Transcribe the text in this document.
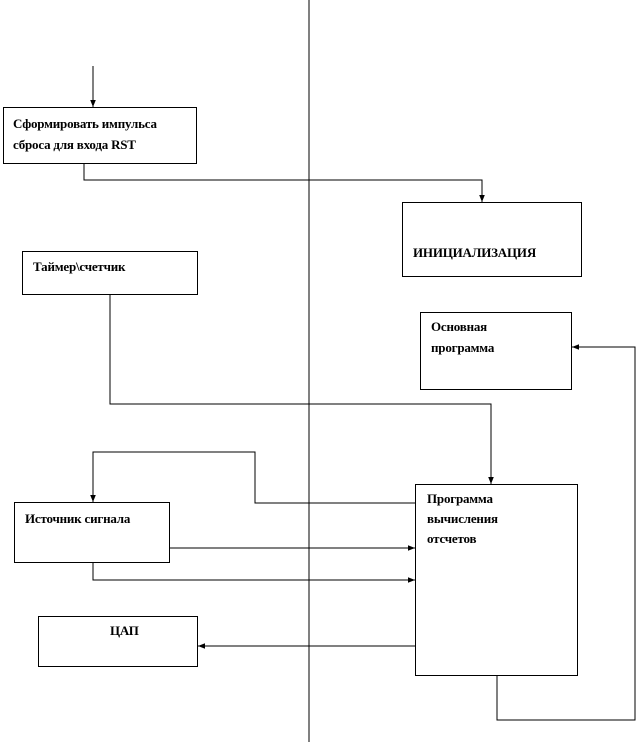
Сформировать импульса
сброса для входа RST
ИНИЦИАЛИЗАЦИЯ
Таймер\счетчик
Основная
программа
Источник сигнала
Программа
вычисления
отсчетов
ЦАП
